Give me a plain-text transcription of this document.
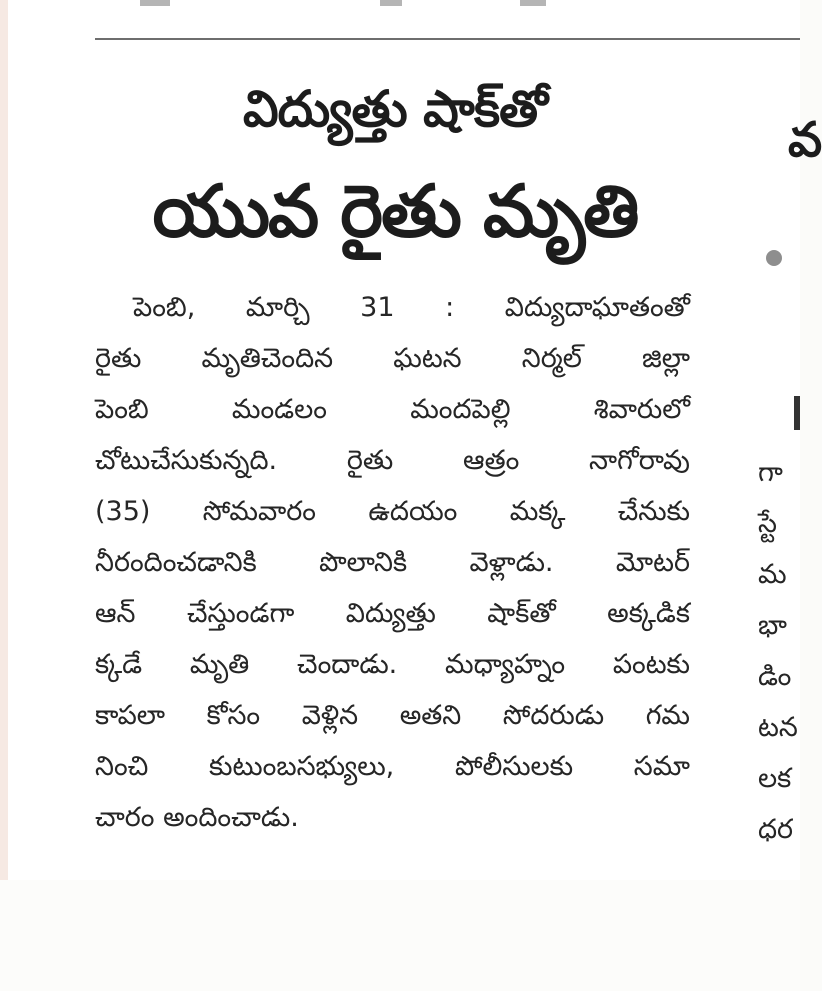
విద్యుత్తు షాక్‌తో
యువ రైతు మృతి
పెంబి, మార్చి 31 : విద్యుదాఘాతంతో
రైతు మృతిచెందిన ఘటన నిర్మల్ జిల్లా
పెంబి మండలం మందపెల్లి శివారులో
చోటుచేసుకున్నది. రైతు ఆత్రం నాగోరావు
(35) సోమవారం ఉదయం మక్క చేనుకు
నీరందించడానికి పొలానికి వెళ్లాడు. మోటర్
ఆన్ చేస్తుండగా విద్యుత్తు షాక్‌తో అక్కడిక
క్కడే మృతి చెందాడు. మధ్యాహ్నం పంటకు
కాపలా కోసం వెళ్లిన అతని సోదరుడు గమ
నించి కుటుంబసభ్యులు, పోలీసులకు సమా
చారం అందించాడు.
వ
గా
స్టే
మ
భా
డిం
టన
లక
ధర
